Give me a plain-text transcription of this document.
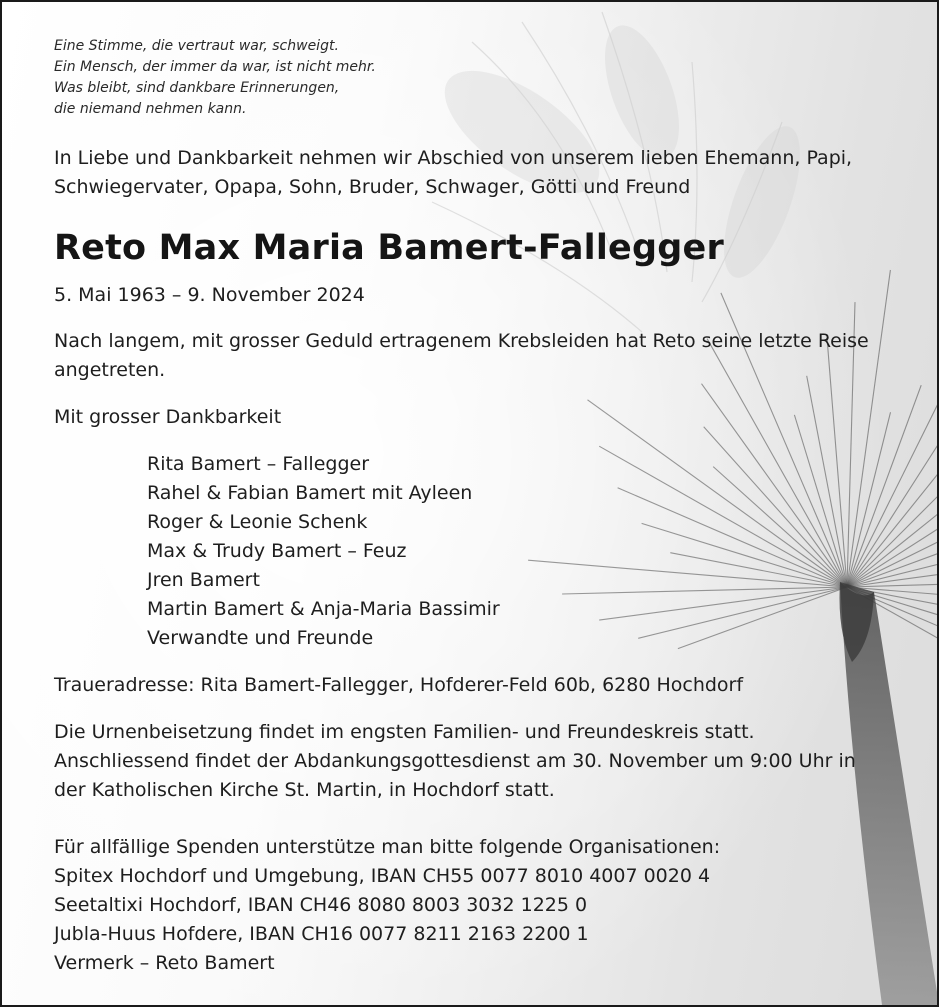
Eine Stimme, die vertraut war, schweigt.
Ein Mensch, der immer da war, ist nicht mehr.
Was bleibt, sind dankbare Erinnerungen,
die niemand nehmen kann.
In Liebe und Dankbarkeit nehmen wir Abschied von unserem lieben Ehemann, Papi,
Schwiegervater, Opapa, Sohn, Bruder, Schwager, Götti und Freund
Reto Max Maria Bamert-Fallegger
5. Mai 1963 – 9. November 2024
Nach langem, mit grosser Geduld ertragenem Krebsleiden hat Reto seine letzte Reise
angetreten.
Mit grosser Dankbarkeit
Rita Bamert – Fallegger
Rahel & Fabian Bamert mit Ayleen
Roger & Leonie Schenk
Max & Trudy Bamert – Feuz
Jren Bamert
Martin Bamert & Anja-Maria Bassimir
Verwandte und Freunde
Traueradresse: Rita Bamert-Fallegger, Hofderer-Feld 60b, 6280 Hochdorf
Die Urnenbeisetzung findet im engsten Familien- und Freundeskreis statt.
Anschliessend findet der Abdankungsgottesdienst am 30. November um 9:00 Uhr in
der Katholischen Kirche St. Martin, in Hochdorf statt.
Für allfällige Spenden unterstütze man bitte folgende Organisationen:
Spitex Hochdorf und Umgebung, IBAN CH55 0077 8010 4007 0020 4
Seetaltixi Hochdorf, IBAN CH46 8080 8003 3032 1225 0
Jubla-Huus Hofdere, IBAN CH16 0077 8211 2163 2200 1
Vermerk – Reto Bamert
